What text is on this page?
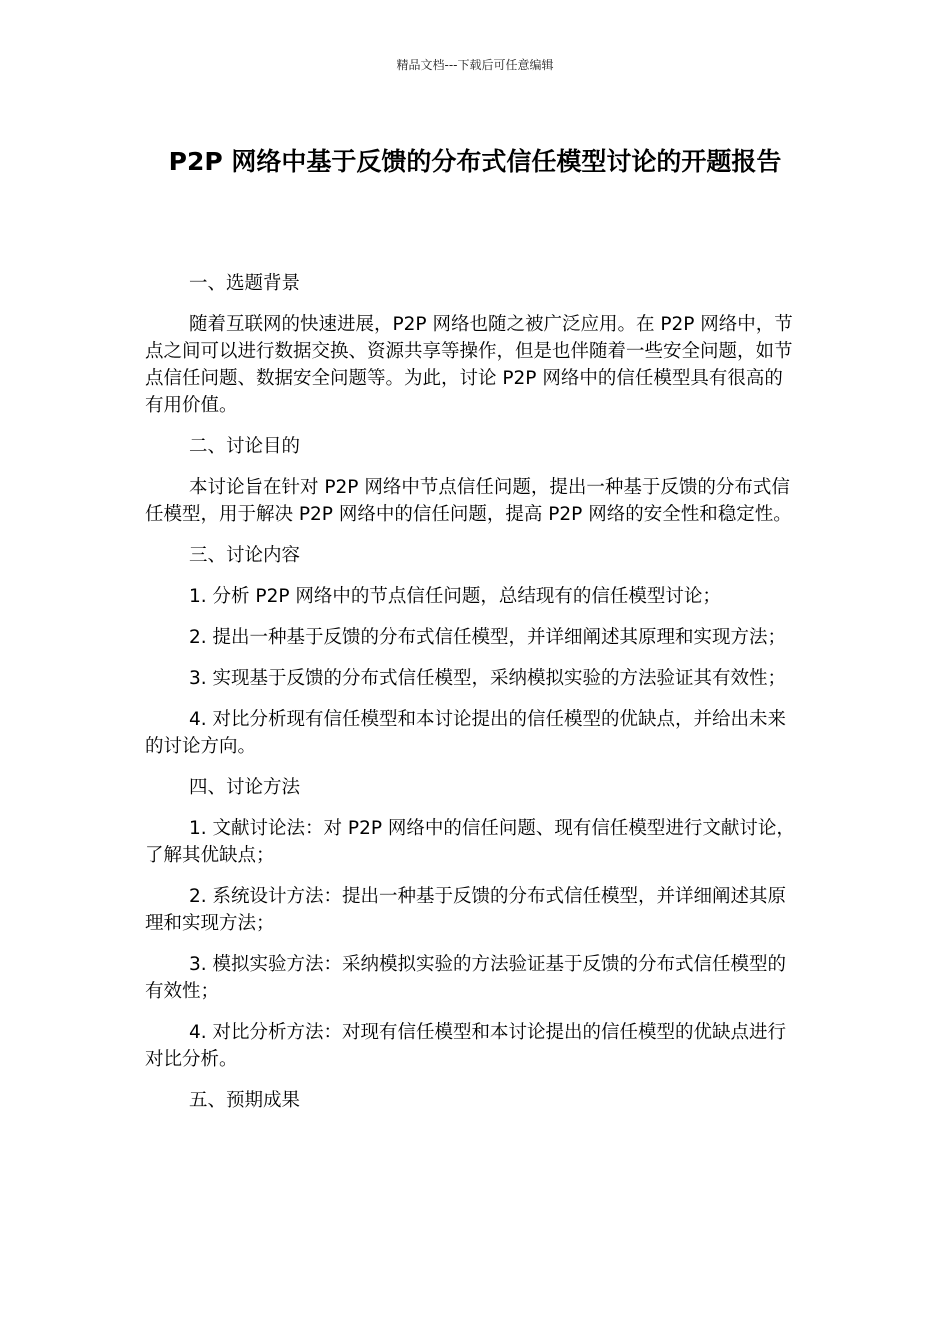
精品文档---下载后可任意编辑
P2P 网络中基于反馈的分布式信任模型讨论的开题报告

一、选题背景

随着互联网的快速进展，P2P 网络也随之被广泛应用。在 P2P 网络中，节点之间可以进行数据交换、资源共享等操作，但是也伴随着一些安全问题，如节点信任问题、数据安全问题等。为此，讨论 P2P 网络中的信任模型具有很高的有用价值。

二、讨论目的

本讨论旨在针对 P2P 网络中节点信任问题，提出一种基于反馈的分布式信任模型，用于解决 P2P 网络中的信任问题，提高 P2P 网络的安全性和稳定性。

三、讨论内容

1. 分析 P2P 网络中的节点信任问题，总结现有的信任模型讨论；

2. 提出一种基于反馈的分布式信任模型，并详细阐述其原理和实现方法；

3. 实现基于反馈的分布式信任模型，采纳模拟实验的方法验证其有效性；

4. 对比分析现有信任模型和本讨论提出的信任模型的优缺点，并给出未来的讨论方向。

四、讨论方法

1. 文献讨论法：对 P2P 网络中的信任问题、现有信任模型进行文献讨论，了解其优缺点；

2. 系统设计方法：提出一种基于反馈的分布式信任模型，并详细阐述其原理和实现方法；

3. 模拟实验方法：采纳模拟实验的方法验证基于反馈的分布式信任模型的有效性；

4. 对比分析方法：对现有信任模型和本讨论提出的信任模型的优缺点进行对比分析。

五、预期成果
